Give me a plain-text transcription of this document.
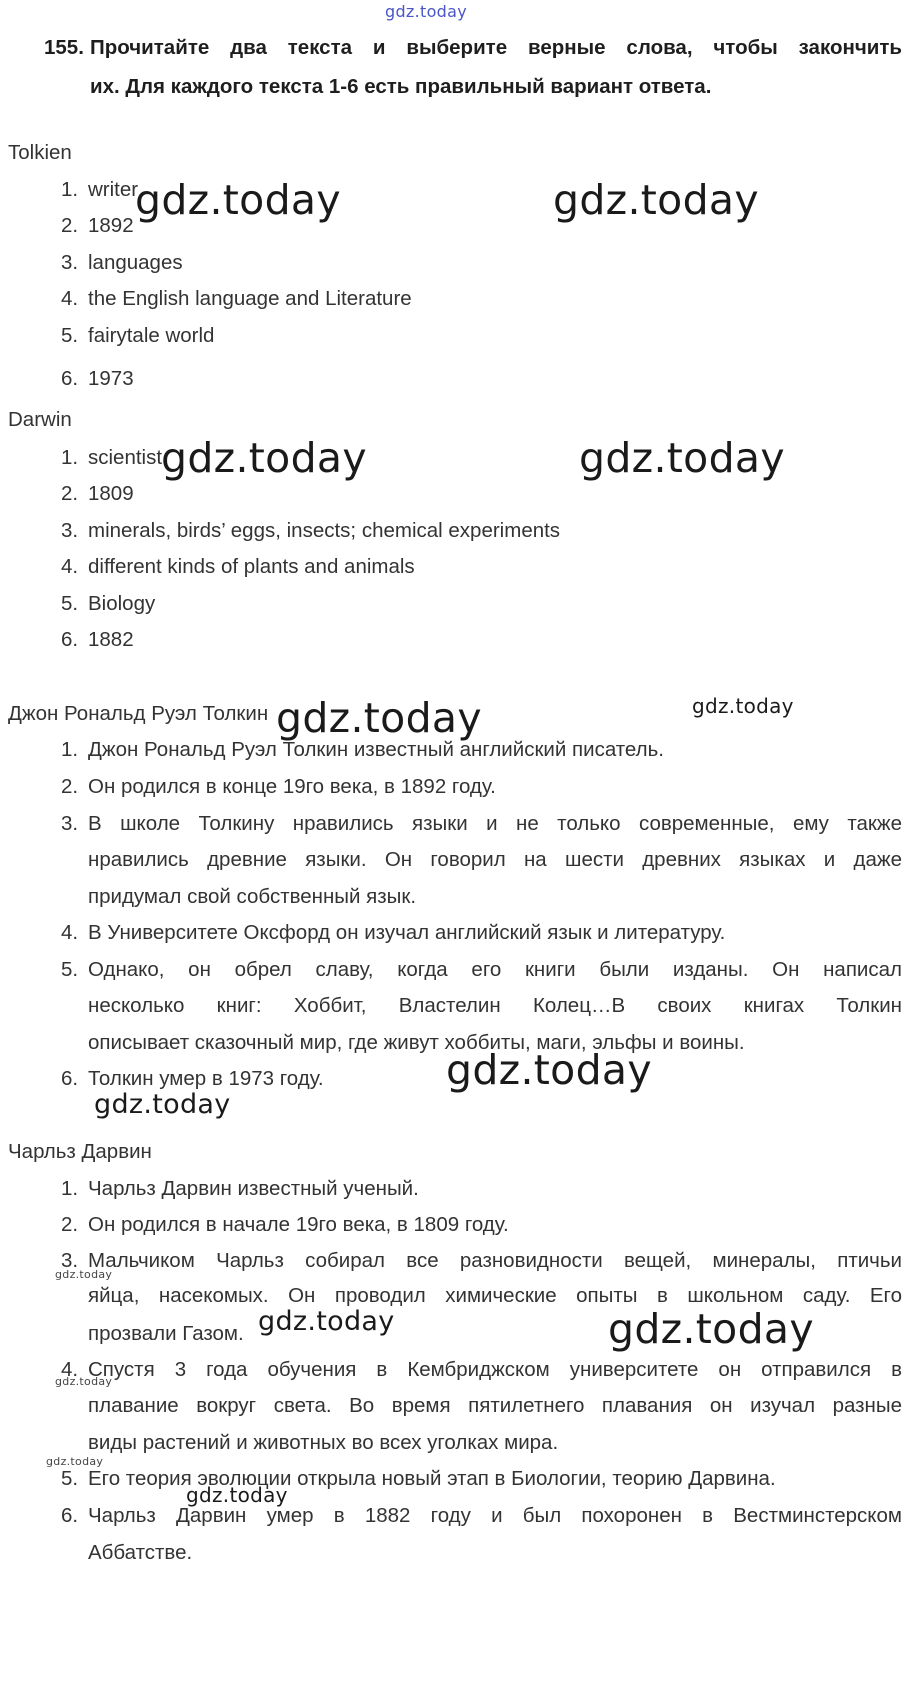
gdz.today
155. Прочитайте два текста и выберите верные слова, чтобы закончить
их. Для каждого текста 1-6 есть правильный вариант ответа.
Tolkien
1. writer
2. 1892
3. languages
4. the English language and Literature
5. fairytale world
6. 1973
Darwin
1. scientist
2. 1809
3. minerals, birds’ eggs, insects; chemical experiments
4. different kinds of plants and animals
5. Biology
6. 1882
Джон Рональд Руэл Толкин
1. Джон Рональд Руэл Толкин известный английский писатель.
2. Он родился в конце 19го века, в 1892 году.
3. В школе Толкину нравились языки и не только современные, ему также
нравились древние языки. Он говорил на шести древних языках и даже
придумал свой собственный язык.
4. В Университете Оксфорд он изучал английский язык и литературу.
5. Однако, он обрел славу, когда его книги были изданы. Он написал
несколько книг: Хоббит, Властелин Колец…В своих книгах Толкин
описывает сказочный мир, где живут хоббиты, маги, эльфы и воины.
6. Толкин умер в 1973 году.
Чарльз Дарвин
1. Чарльз Дарвин известный ученый.
2. Он родился в начале 19го века, в 1809 году.
3. Мальчиком Чарльз собирал все разновидности вещей, минералы, птичьи
яйца, насекомых. Он проводил химические опыты в школьном саду. Его
прозвали Газом.
4. Спустя 3 года обучения в Кембриджском университете он отправился в
плавание вокруг света. Во время пятилетнего плавания он изучал разные
виды растений и животных во всех уголках мира.
5. Его теория эволюции открыла новый этап в Биологии, теорию Дарвина.
6. Чарльз Дарвин умер в 1882 году и был похоронен в Вестминстерском
Аббатстве.
gdz.today	gdz.today
gdz.today	gdz.today
gdz.today	gdz.today
gdz.today
gdz.today
gdz.today
gdz.today	gdz.today
gdz.today
gdz.today
gdz.today
